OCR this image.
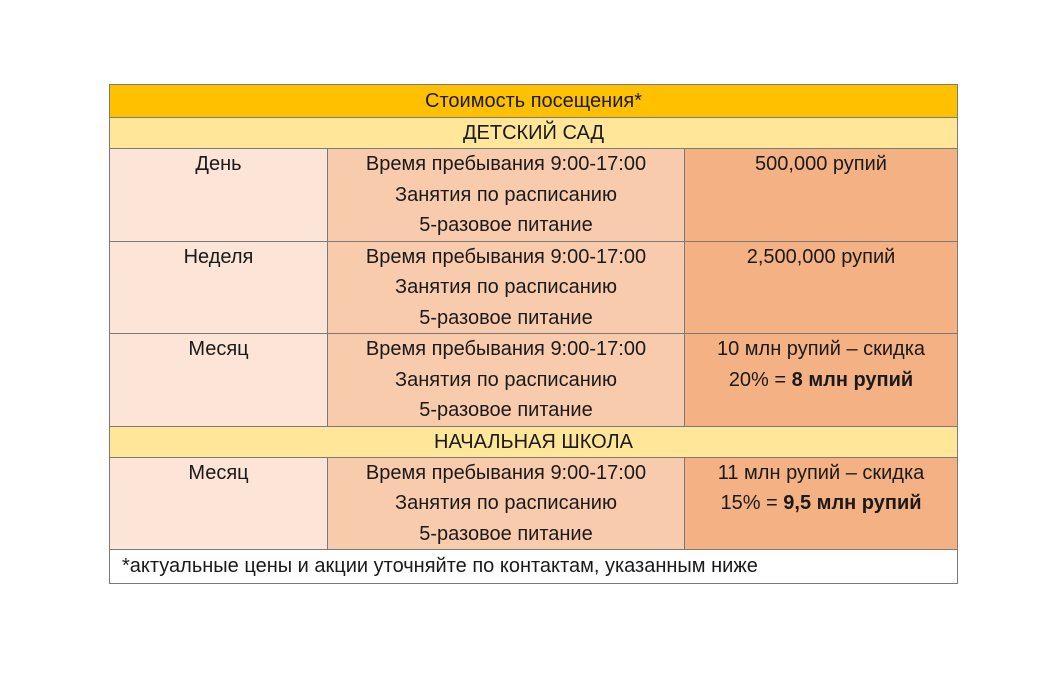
Стоимость посещения*		
ДЕТСКИЙ САД		
День	Время пребывания 9:00-17:00
Занятия по расписанию
5-разовое питание	500,000 рупий

Неделя	Время пребывания 9:00-17:00
Занятия по расписанию
5-разовое питание	2,500,000 рупий

Месяц	Время пребывания 9:00-17:00
Занятия по расписанию
5-разовое питание	10 млн рупий – скидка
20% = 8 млн рупий

НАЧАЛЬНАЯ ШКОЛА		
Месяц	Время пребывания 9:00-17:00
Занятия по расписанию
5-разовое питание	11 млн рупий – скидка
15% = 9,5 млн рупий

*актуальные цены и акции уточняйте по контактам, указанным ниже		
